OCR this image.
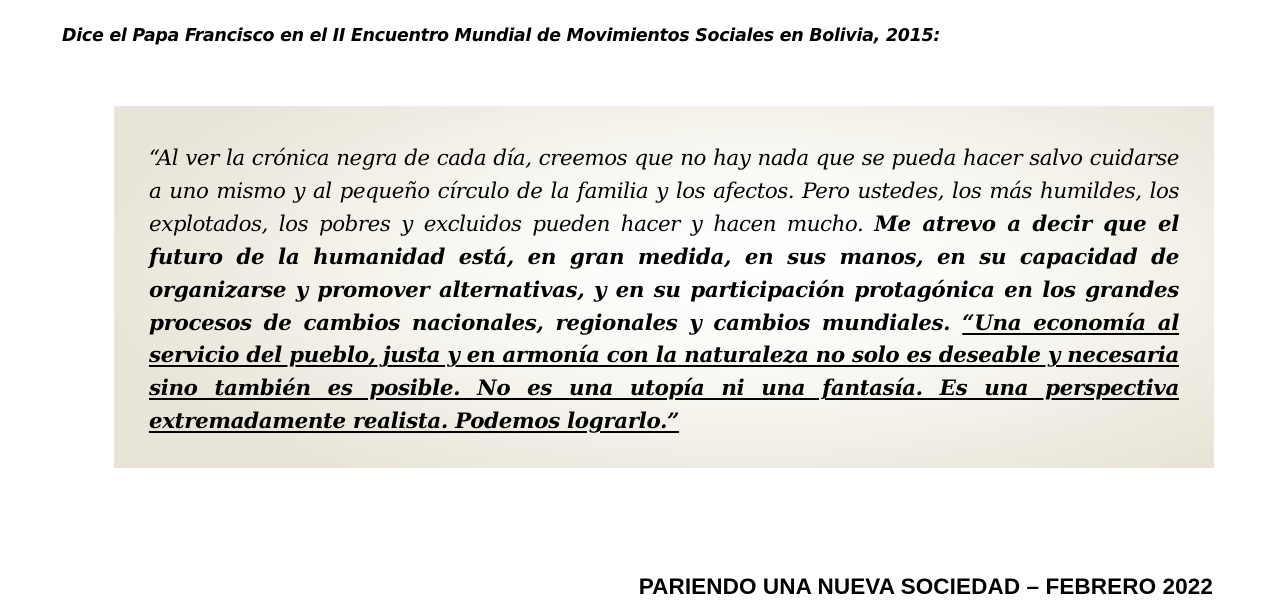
Dice el Papa Francisco en el II Encuentro Mundial de Movimientos Sociales en Bolivia, 2015:

“Al ver la crónica negra de cada día, creemos que no hay nada que se pueda hacer salvo cuidarse a uno mismo y al pequeño círculo de la familia y los afectos. Pero ustedes, los más humildes, los explotados, los pobres y excluidos pueden hacer y hacen mucho. Me atrevo a decir que el futuro de la humanidad está, en gran medida, en sus manos, en su capacidad de organizarse y promover alternativas, y en su participación protagónica en los grandes procesos de cambios nacionales, regionales y cambios mundiales. “Una economía al servicio del pueblo, justa y en armonía con la naturaleza no solo es deseable y necesaria sino también es posible. No es una utopía ni una fantasía. Es una perspectiva extremadamente realista. Podemos lograrlo.”

PARIENDO UNA NUEVA SOCIEDAD – FEBRERO 2022
